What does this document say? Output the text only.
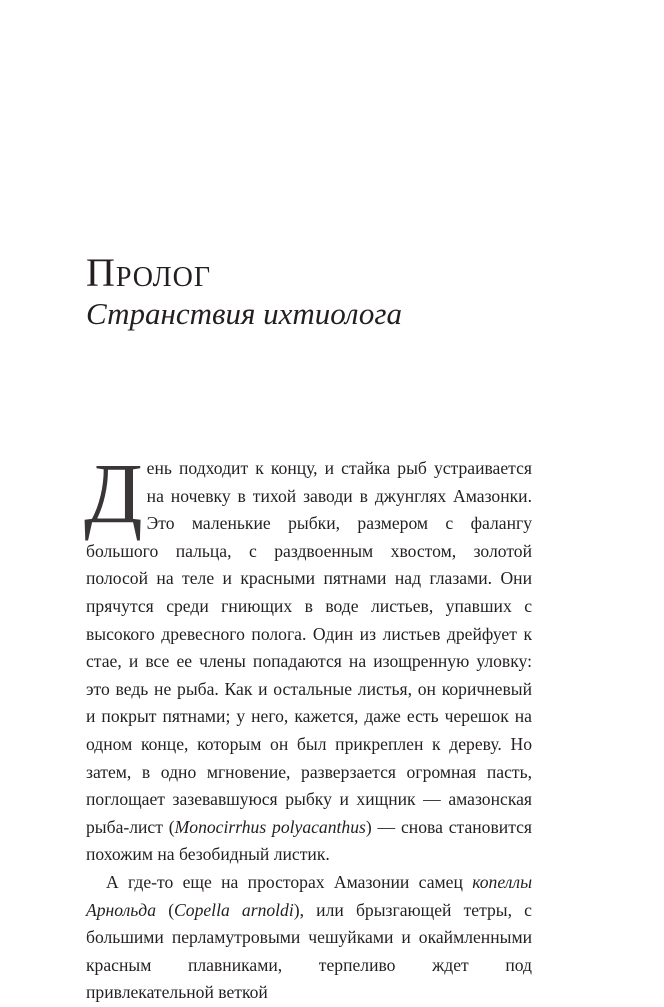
Пролог
Странствия ихтиолога

День подходит к концу, и стайка рыб устраивается на ночевку в тихой заводи в джунглях Амазонки. Это маленькие рыбки, размером с фалангу большого пальца, с раздвоенным хвостом, золотой полосой на теле и красными пятнами над глазами. Они прячутся среди гниющих в воде листьев, упавших с высокого древесного полога. Один из листьев дрейфует к стае, и все ее члены попадаются на изощренную уловку: это ведь не рыба. Как и остальные листья, он коричневый и покрыт пятнами; у него, кажется, даже есть черешок на одном конце, которым он был прикреплен к дереву. Но затем, в одно мгновение, разверзается огромная пасть, поглощает зазевавшуюся рыбку и хищник — амазонская рыба-лист (Monocirrhus polyacanthus) — снова становится похожим на безобидный листик.

А где-то еще на просторах Амазонии самец копеллы Арнольда (Copella arnoldi), или брызгающей тетры, с большими перламутровыми чешуйками и окаймленными красным плавниками, терпеливо ждет под привлекательной веткой
